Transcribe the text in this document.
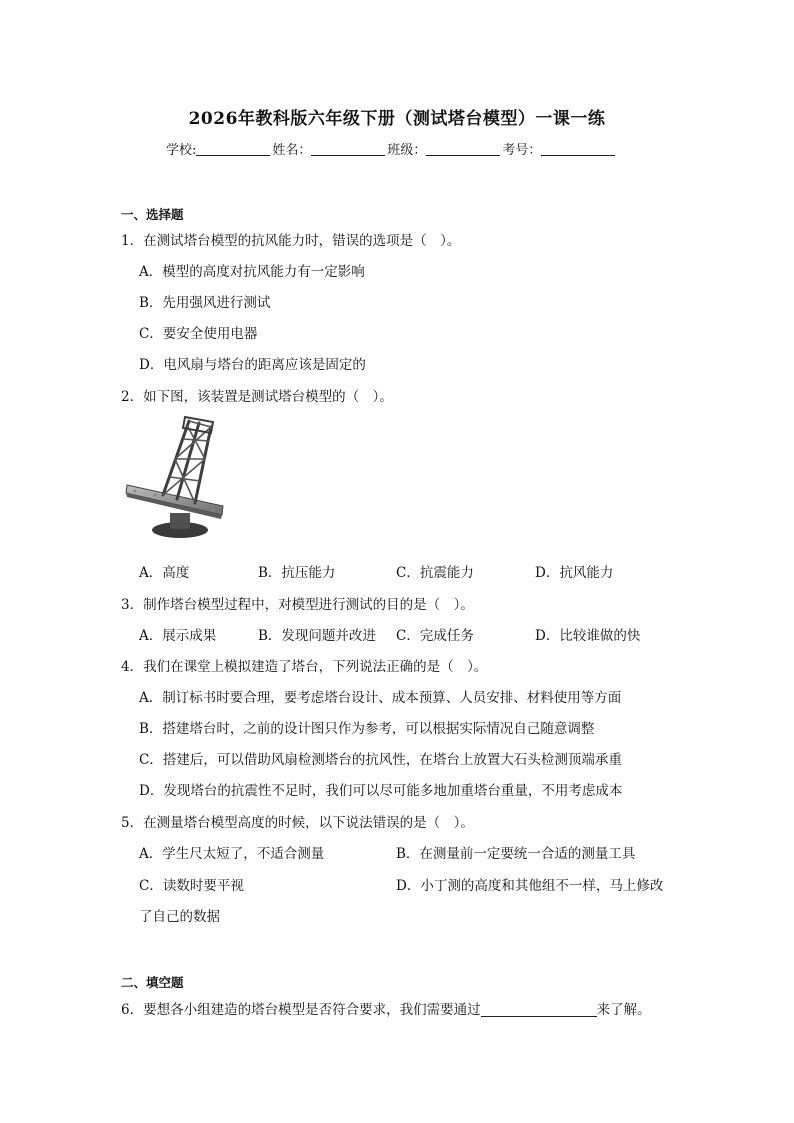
2026年教科版六年级下册（测试塔台模型）一课一练
学校:	姓名：	班级：	考号：
一、选择题
1．在测试塔台模型的抗风能力时，错误的选项是（　）。
A．模型的高度对抗风能力有一定影响
B．先用强风进行测试
C．要安全使用电器
D．电风扇与塔台的距离应该是固定的
2．如下图，该装置是测试塔台模型的（　）。
A．高度	B．抗压能力	C．抗震能力	D．抗风能力
3．制作塔台模型过程中，对模型进行测试的目的是（　）。
A．展示成果	B．发现问题并改进 C．完成任务	D．比较谁做的快
4．我们在课堂上模拟建造了塔台，下列说法正确的是（　）。
A．制订标书时要合理，要考虑塔台设计、成本预算、人员安排、材料使用等方面
B．搭建塔台时，之前的设计图只作为参考，可以根据实际情况自己随意调整
C．搭建后，可以借助风扇检测塔台的抗风性，在塔台上放置大石头检测顶端承重
D．发现塔台的抗震性不足时，我们可以尽可能多地加重塔台重量，不用考虑成本
5．在测量塔台模型高度的时候，以下说法错误的是（　）。
A．学生尺太短了，不适合测量	B．在测量前一定要统一合适的测量工具
C．读数时要平视	D．小丁测的高度和其他组不一样，马上修改
了自己的数据
二、填空题
6．要想各小组建造的塔台模型是否符合要求，我们需要通过	来了解。
